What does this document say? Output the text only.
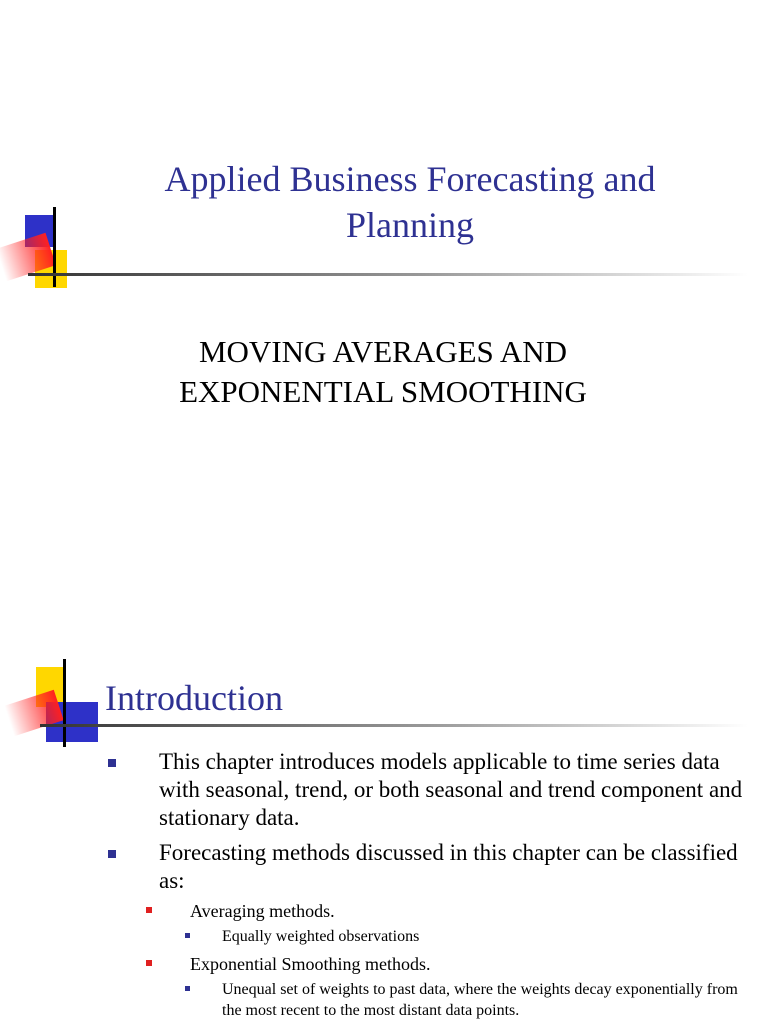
Applied Business Forecasting and Planning
MOVING AVERAGES AND EXPONENTIAL SMOOTHING
Introduction
This chapter introduces models applicable to time series data with seasonal, trend, or both seasonal and trend component and stationary data.
Forecasting methods discussed in this chapter can be classified as:
Averaging methods.
Equally weighted observations
Exponential Smoothing methods.
Unequal set of weights to past data, where the weights decay exponentially from the most recent to the most distant data points.
